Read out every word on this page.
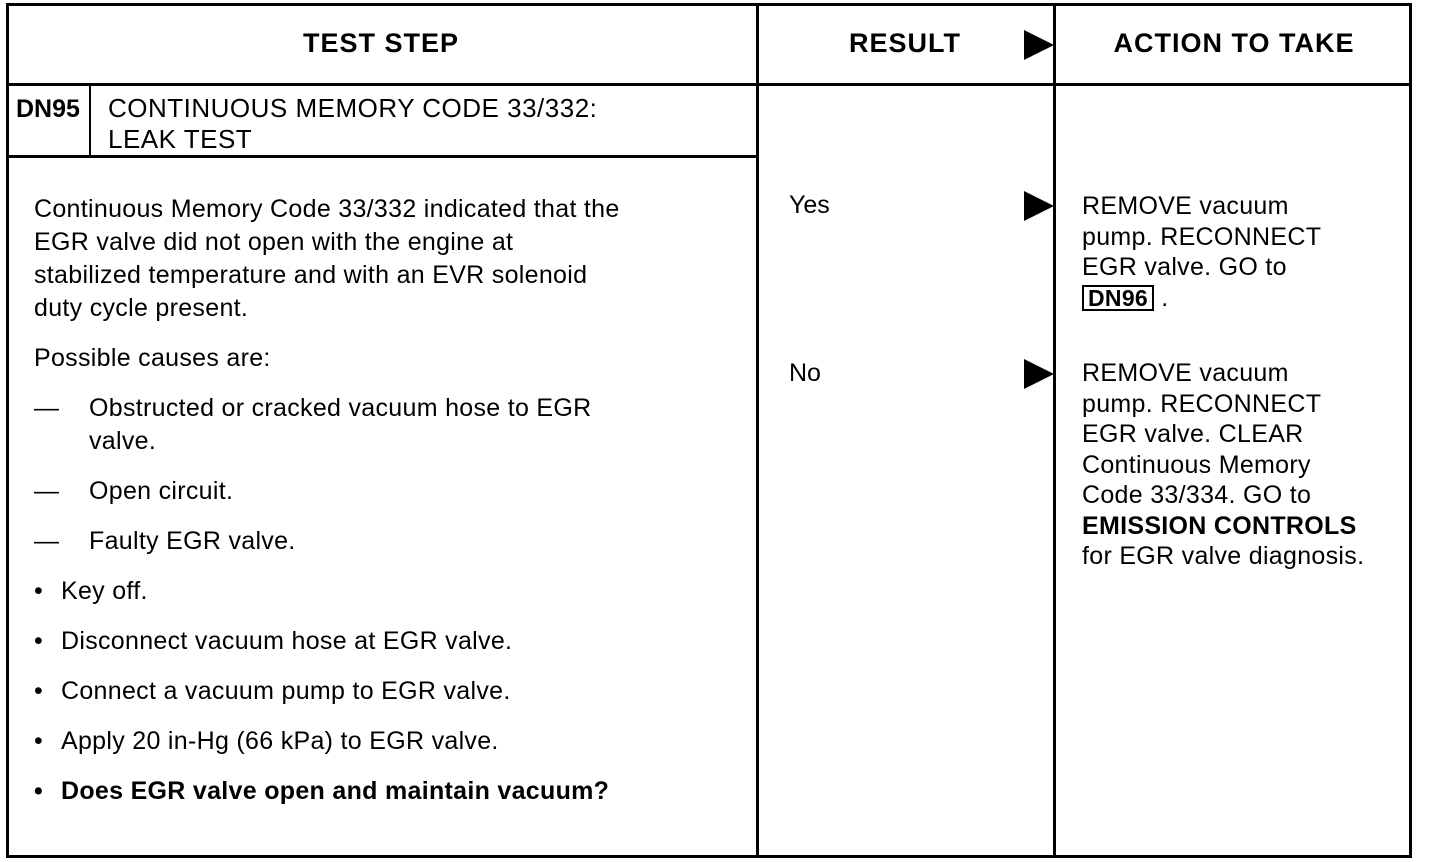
TEST STEP	RESULT	ACTION TO TAKE
DN95 CONTINUOUS MEMORY CODE 33/332:
LEAK TEST
Continuous Memory Code 33/332 indicated that the
EGR valve did not open with the engine at
stabilized temperature and with an EVR solenoid
duty cycle present.
Possible causes are:
— Obstructed or cracked vacuum hose to EGR
valve.
— Open circuit.
— Faulty EGR valve.
• Key off.
• Disconnect vacuum hose at EGR valve.
• Connect a vacuum pump to EGR valve.
• Apply 20 in-Hg (66 kPa) to EGR valve.
• Does EGR valve open and maintain vacuum?
Yes
No
REMOVE vacuum
pump. RECONNECT
EGR valve. GO to
DN96 .
REMOVE vacuum
pump. RECONNECT
EGR valve. CLEAR
Continuous Memory
Code 33/334. GO to
EMISSION CONTROLS
for EGR valve diagnosis.
